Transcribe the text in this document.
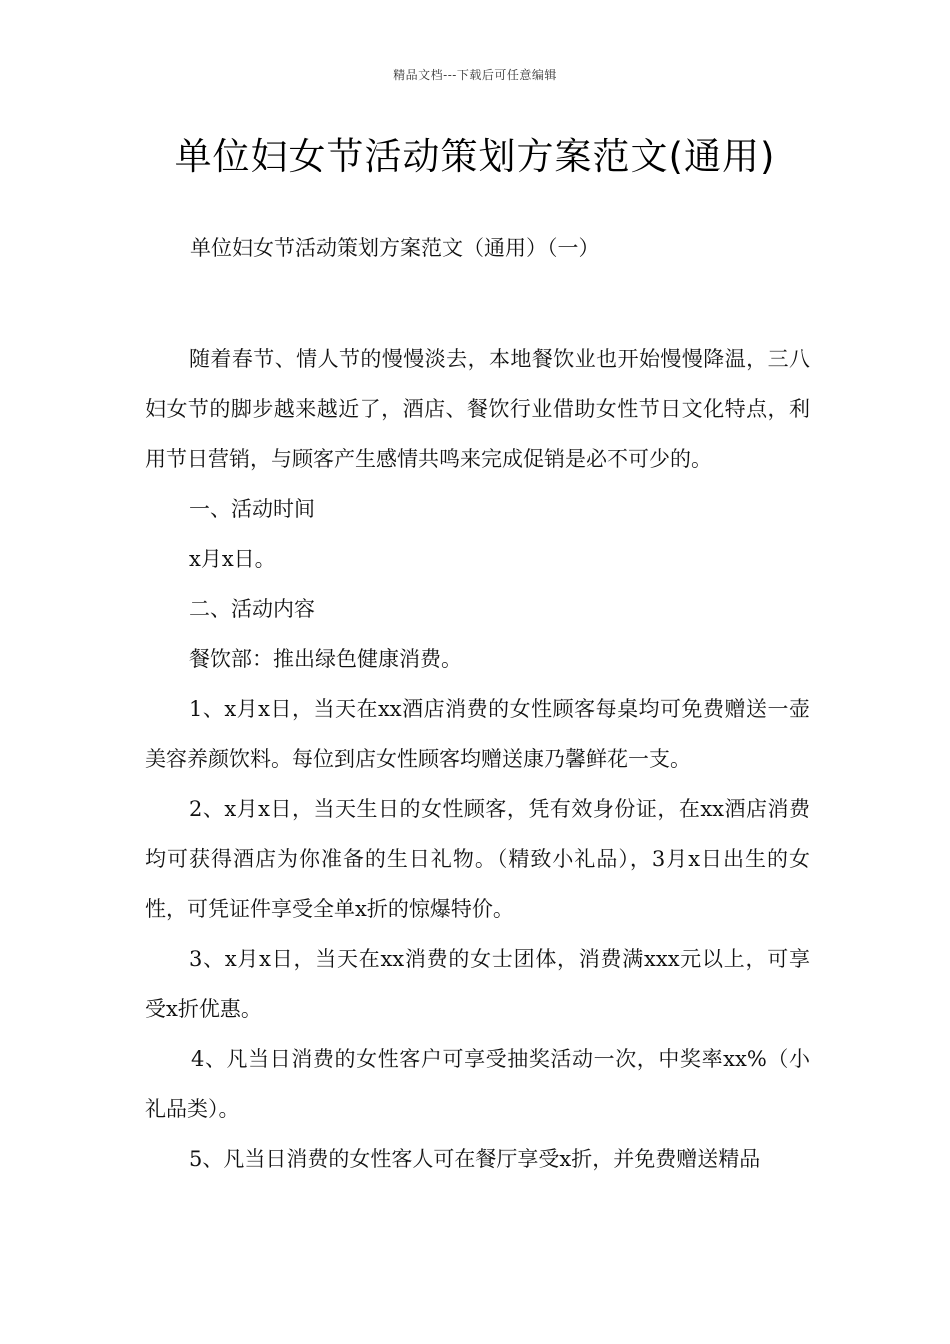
精品文档---下载后可任意编辑
单位妇女节活动策划方案范文(通用)

单位妇女节活动策划方案范文（通用）（一）

随着春节、情人节的慢慢淡去，本地餐饮业也开始慢慢降温，三八妇女节的脚步越来越近了，酒店、餐饮行业借助女性节日文化特点，利用节日营销，与顾客产生感情共鸣来完成促销是必不可少的。

一、活动时间

x月x日。

二、活动内容

餐饮部：推出绿色健康消费。

1、x月x日，当天在xx酒店消费的女性顾客每桌均可免费赠送一壶美容养颜饮料。每位到店女性顾客均赠送康乃馨鲜花一支。

2、x月x日，当天生日的女性顾客，凭有效身份证，在xx酒店消费均可获得酒店为你准备的生日礼物。（精致小礼品），3月x日出生的女性，可凭证件享受全单x折的惊爆特价。

3、x月x日，当天在xx消费的女士团体，消费满xxx元以上，可享受x折优惠。

4、凡当日消费的女性客户可享受抽奖活动一次，中奖率xx%（小礼品类）。

5、凡当日消费的女性客人可在餐厅享受x折，并免费赠送精品
